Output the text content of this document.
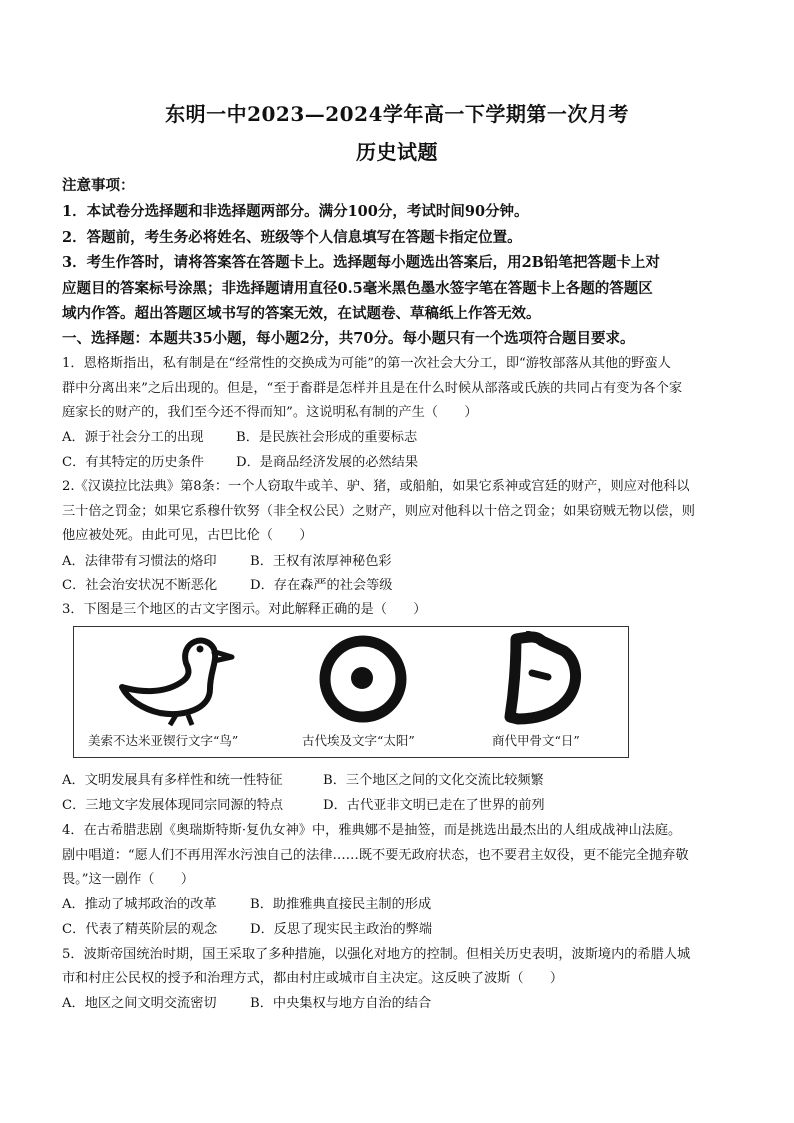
东明一中2023—2024学年高一下学期第一次月考
历史试题
注意事项：
1．本试卷分选择题和非选择题两部分。满分100分，考试时间90分钟。
2．答题前，考生务必将姓名、班级等个人信息填写在答题卡指定位置。
3．考生作答时，请将答案答在答题卡上。选择题每小题选出答案后，用2B铅笔把答题卡上对
应题目的答案标号涂黑；非选择题请用直径0.5毫米黑色墨水签字笔在答题卡上各题的答题区
域内作答。超出答题区域书写的答案无效，在试题卷、草稿纸上作答无效。
一、选择题：本题共35小题，每小题2分，共70分。每小题只有一个选项符合题目要求。
1．恩格斯指出，私有制是在“经常性的交换成为可能”的第一次社会大分工，即“游牧部落从其他的野蛮人
群中分离出来”之后出现的。但是，“至于畜群是怎样并且是在什么时候从部落或氏族的共同占有变为各个家
庭家长的财产的，我们至今还不得而知”。这说明私有制的产生（　　）
A．源于社会分工的出现 B．是民族社会形成的重要标志
C．有其特定的历史条件 D．是商品经济发展的必然结果
2.《汉谟拉比法典》第8条：一个人窃取牛或羊、驴、猪，或船舶，如果它系神或宫廷的财产，则应对他科以
三十倍之罚金；如果它系穆什钦努（非全权公民）之财产，则应对他科以十倍之罚金；如果窃贼无物以偿，则
他应被处死。由此可见，古巴比伦（　　）
A．法律带有习惯法的烙印	B．王权有浓厚神秘色彩
C．社会治安状况不断恶化 D．存在森严的社会等级
3．下图是三个地区的古文字图示。对此解释正确的是（　　）
美索不达米亚锲行文字“鸟”	古代埃及文字“太阳”	商代甲骨文“日”
A．文明发展具有多样性和统一性特征	B．三个地区之间的文化交流比较频繁
C．三地文字发展体现同宗同源的特点	D．古代亚非文明已走在了世界的前列
4．在古希腊悲剧《奥瑞斯特斯·复仇女神》中，雅典娜不是抽签，而是挑选出最杰出的人组成战神山法庭。
剧中唱道：“愿人们不再用浑水污浊自己的法律……既不要无政府状态，也不要君主奴役，更不能完全抛弃敬
畏。”这一剧作（　　）
A．推动了城邦政治的改革	B．助推雅典直接民主制的形成
C．代表了精英阶层的观念 D．反思了现实民主政治的弊端
5．波斯帝国统治时期，国王采取了多种措施，以强化对地方的控制。但相关历史表明，波斯境内的希腊人城
市和村庄公民权的授予和治理方式，都由村庄或城市自主决定。这反映了波斯（　　）
A．地区之间文明交流密切	B．中央集权与地方自治的结合
